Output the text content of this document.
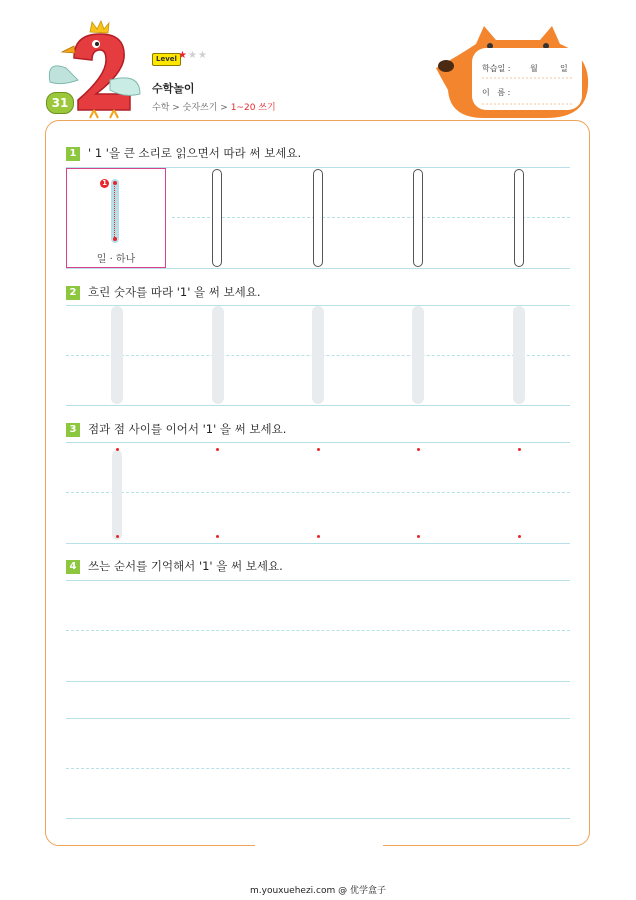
31
Level ★★★
수학놀이
수학 > 숫자쓰기 > 1~20 쓰기
학습일 : 월	일
이   름 :
1 ' 1 '을 큰 소리로 읽으면서 따라 써 보세요.
1
일 · 하나
2 흐린 숫자를 따라 '1' 을 써 보세요.
3 점과 점 사이를 이어서 '1' 을 써 보세요.
4 쓰는 순서를 기억해서 '1' 을 써 보세요.
m.youxuehezi.com @ 优学盒子
